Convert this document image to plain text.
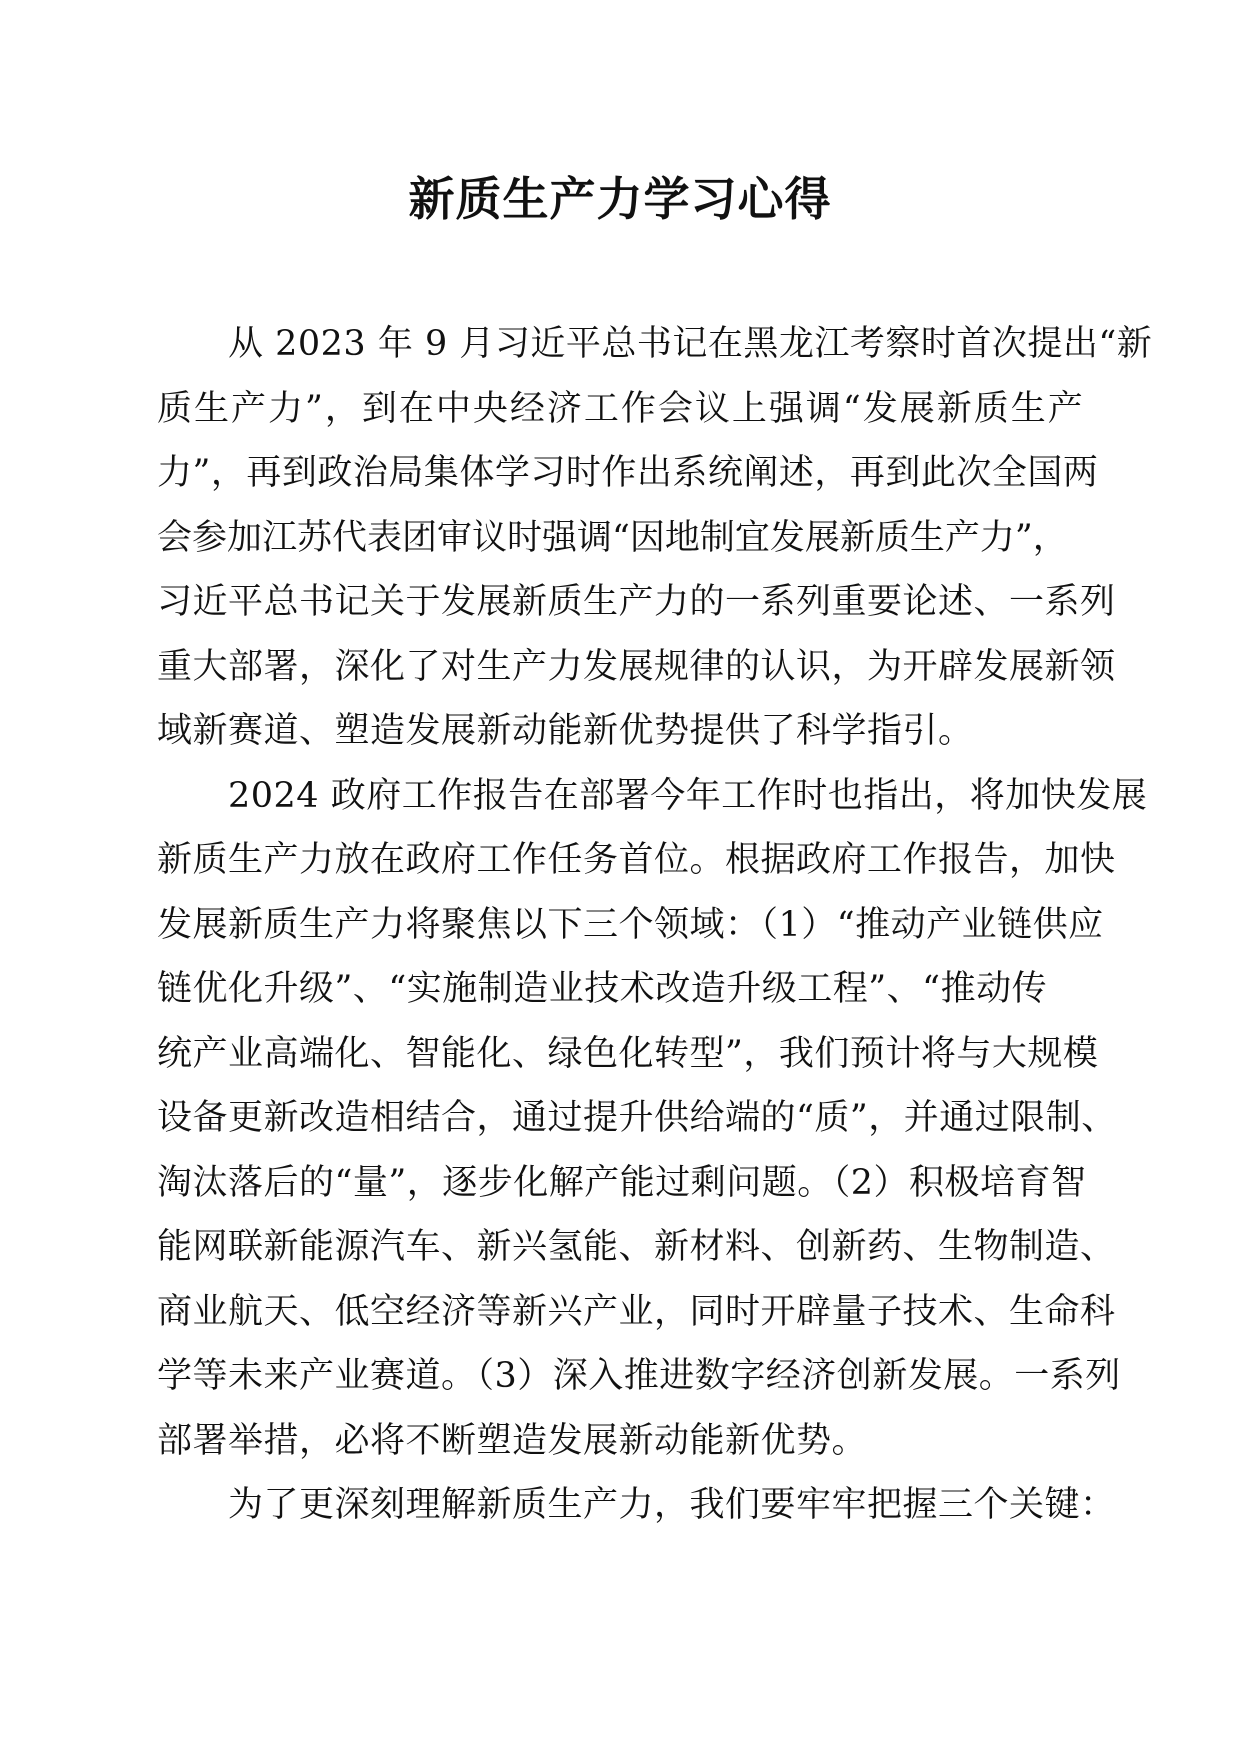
新质生产力学习心得
　　从 2023 年 9 月习近平总书记在黑龙江考察时首次提出“新
质生产力”，到在中央经济工作会议上强调“发展新质生产
力”，再到政治局集体学习时作出系统阐述，再到此次全国两
会参加江苏代表团审议时强调“因地制宜发展新质生产力”，
习近平总书记关于发展新质生产力的一系列重要论述、一系列
重大部署，深化了对生产力发展规律的认识，为开辟发展新领
域新赛道、塑造发展新动能新优势提供了科学指引。
　　2024 政府工作报告在部署今年工作时也指出，将加快发展
新质生产力放在政府工作任务首位。根据政府工作报告，加快
发展新质生产力将聚焦以下三个领域：（1）“推动产业链供应
链优化升级”、“实施制造业技术改造升级工程”、“推动传
统产业高端化、智能化、绿色化转型”，我们预计将与大规模
设备更新改造相结合，通过提升供给端的“质”，并通过限制、
淘汰落后的“量”，逐步化解产能过剩问题。（2）积极培育智
能网联新能源汽车、新兴氢能、新材料、创新药、生物制造、
商业航天、低空经济等新兴产业，同时开辟量子技术、生命科
学等未来产业赛道。（3）深入推进数字经济创新发展。一系列
部署举措，必将不断塑造发展新动能新优势。
　　为了更深刻理解新质生产力，我们要牢牢把握三个关键：
